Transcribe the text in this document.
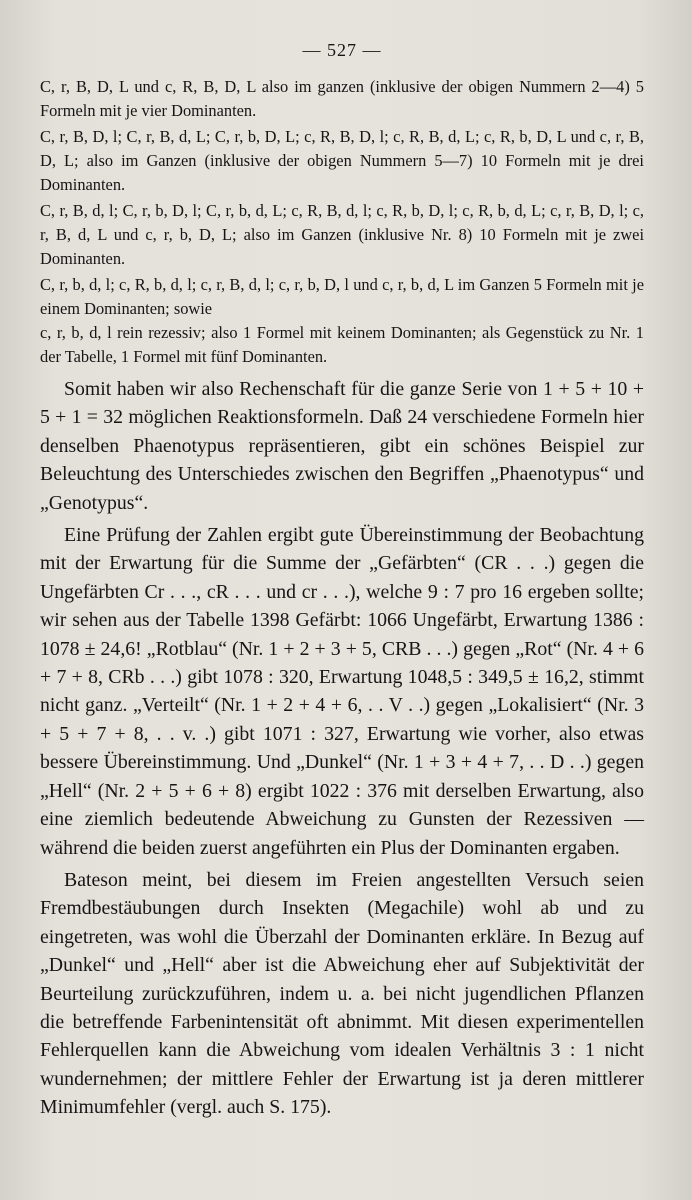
— 527 —

C, r, B, D, L und c, R, B, D, L also im ganzen (inklusive der obigen Nummern 2—4) 5 Formeln mit je vier Dominanten.

C, r, B, D, l; C, r, B, d, L; C, r, b, D, L; c, R, B, D, l; c, R, B, d, L; c, R, b, D, L und c, r, B, D, L; also im Ganzen (inklusive der obigen Nummern 5—7) 10 Formeln mit je drei Dominanten.

C, r, B, d, l; C, r, b, D, l; C, r, b, d, L; c, R, B, d, l; c, R, b, D, l; c, R, b, d, L; c, r, B, D, l; c, r, B, d, L und c, r, b, D, L; also im Ganzen (inklusive Nr. 8) 10 Formeln mit je zwei Dominanten.

C, r, b, d, l; c, R, b, d, l; c, r, B, d, l; c, r, b, D, l und c, r, b, d, L im Ganzen 5 Formeln mit je einem Dominanten; sowie

c, r, b, d, l rein rezessiv; also 1 Formel mit keinem Dominanten; als Gegenstück zu Nr. 1 der Tabelle, 1 Formel mit fünf Dominanten.

Somit haben wir also Rechenschaft für die ganze Serie von 1 + 5 + 10 + 5 + 1 = 32 möglichen Reaktionsformeln. Daß 24 verschiedene Formeln hier denselben Phaenotypus repräsentieren, gibt ein schönes Beispiel zur Beleuchtung des Unterschiedes zwischen den Begriffen „Phaenotypus“ und „Genotypus“.

Eine Prüfung der Zahlen ergibt gute Übereinstimmung der Beobachtung mit der Erwartung für die Summe der „Gefärbten“ (CR . . .) gegen die Ungefärbten Cr . . ., cR . . . und cr . . .), welche 9 : 7 pro 16 ergeben sollte; wir sehen aus der Tabelle 1398 Gefärbt: 1066 Ungefärbt, Erwartung 1386 : 1078 ± 24,6! „Rotblau“ (Nr. 1 + 2 + 3 + 5, CRB . . .) gegen „Rot“ (Nr. 4 + 6 + 7 + 8, CRb . . .) gibt 1078 : 320, Erwartung 1048,5 : 349,5 ± 16,2, stimmt nicht ganz. „Verteilt“ (Nr. 1 + 2 + 4 + 6, . . V . .) gegen „Lokalisiert“ (Nr. 3 + 5 + 7 + 8, . . v. .) gibt 1071 : 327, Erwartung wie vorher, also etwas bessere Übereinstimmung. Und „Dunkel“ (Nr. 1 + 3 + 4 + 7, . . D . .) gegen „Hell“ (Nr. 2 + 5 + 6 + 8) ergibt 1022 : 376 mit derselben Erwartung, also eine ziemlich bedeutende Abweichung zu Gunsten der Rezessiven — während die beiden zuerst angeführten ein Plus der Dominanten ergaben.

Bateson meint, bei diesem im Freien angestellten Versuch seien Fremdbestäubungen durch Insekten (Megachile) wohl ab und zu eingetreten, was wohl die Überzahl der Dominanten erkläre. In Bezug auf „Dunkel“ und „Hell“ aber ist die Abweichung eher auf Subjektivität der Beurteilung zurückzuführen, indem u. a. bei nicht jugendlichen Pflanzen die betreffende Farbenintensität oft abnimmt. Mit diesen experimentellen Fehlerquellen kann die Abweichung vom idealen Verhältnis 3 : 1 nicht wundernehmen; der mittlere Fehler der Erwartung ist ja deren mittlerer Minimumfehler (vergl. auch S. 175).
